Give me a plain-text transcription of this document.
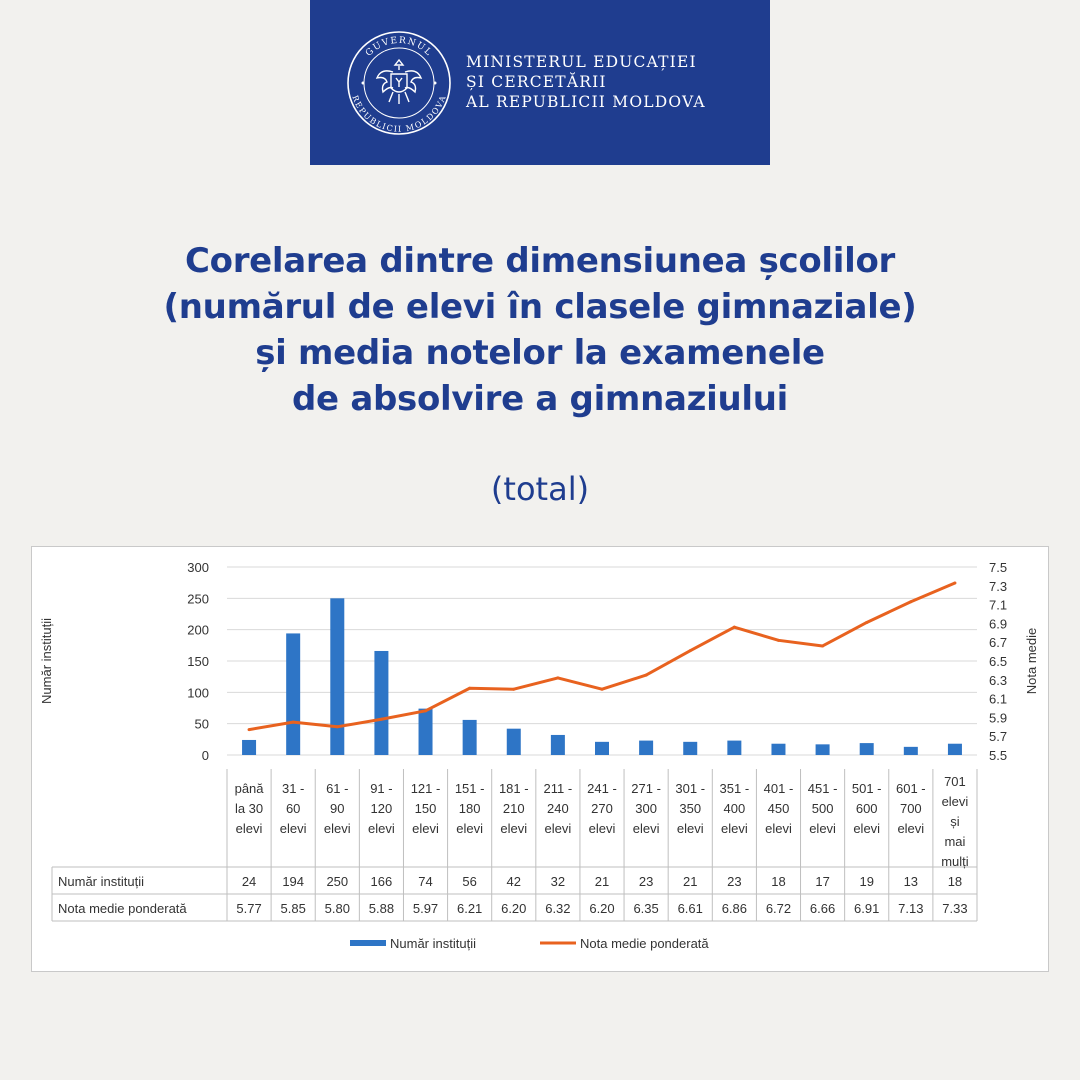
GUVERNUL
REPUBLICII MOLDOVA
MINISTERUL EDUCAȚIEI
ȘI CERCETĂRII
AL REPUBLICII MOLDOVA
Corelarea dintre dimensiunea școlilor
(numărul de elevi în clasele gimnaziale)
și media notelor la examenele
de absolvire a gimnaziului
(total)
0
50
100
150
200
250
300
5.5
5.7
5.9
6.1
6.3
6.5
6.7
6.9
7.1
7.3
7.5
Număr instituții	Nota medie
până
la 30
elevi
31 -
60
elevi
61 -
90
elevi
91 -
120
elevi
121 -
150
elevi
151 -
180
elevi
181 -
210
elevi
211 -
240
elevi
241 -
270
elevi
271 -
300
elevi
301 -
350
elevi
351 -
400
elevi
401 -
450
elevi
451 -
500
elevi
501 -
600
elevi
601 -
700
elevi
701
elevi
și
mai
mulți
Număr instituții
Nota medie ponderată
24 194 250 166 74 56 42 32 21 23 21 23 18 17 19 13 18
5.77 5.85 5.80 5.88 5.97 6.21 6.20 6.32 6.20 6.35 6.61 6.86 6.72 6.66 6.91 7.13 7.33
Număr instituții	Nota medie ponderată
